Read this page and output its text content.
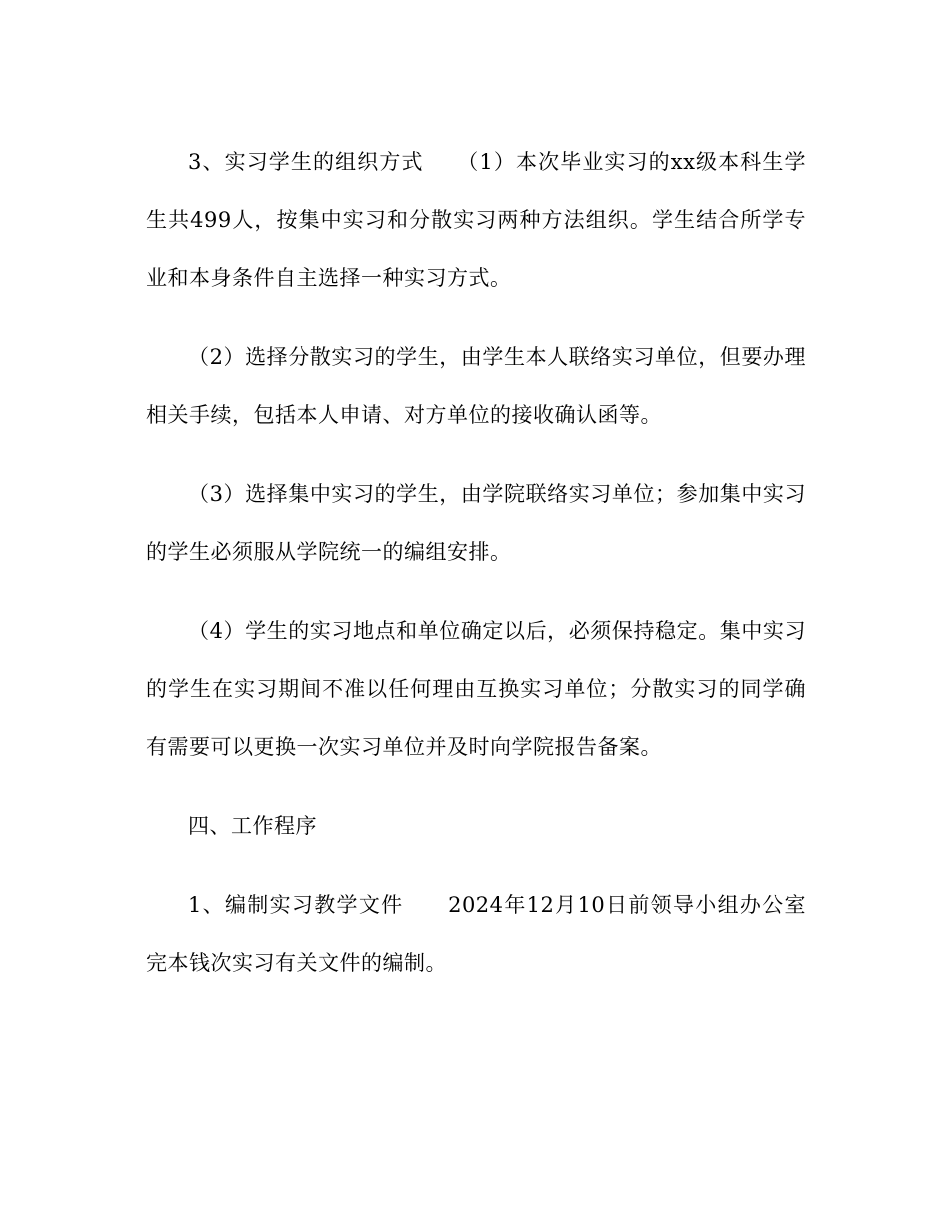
3、实习学生的组织方式　　（1）本次毕业实习的xx级本科生学生共499人，按集中实习和分散实习两种方法组织。学生结合所学专业和本身条件自主选择一种实习方式。

（2）选择分散实习的学生，由学生本人联络实习单位，但要办理相关手续，包括本人申请、对方单位的接收确认函等。

（3）选择集中实习的学生，由学院联络实习单位；参加集中实习的学生必须服从学院统一的编组安排。

（4）学生的实习地点和单位确定以后，必须保持稳定。集中实习的学生在实习期间不准以任何理由互换实习单位；分散实习的同学确有需要可以更换一次实习单位并及时向学院报告备案。

四、工作程序

1、编制实习教学文件　　2024年12月10日前领导小组办公室完本钱次实习有关文件的编制。
